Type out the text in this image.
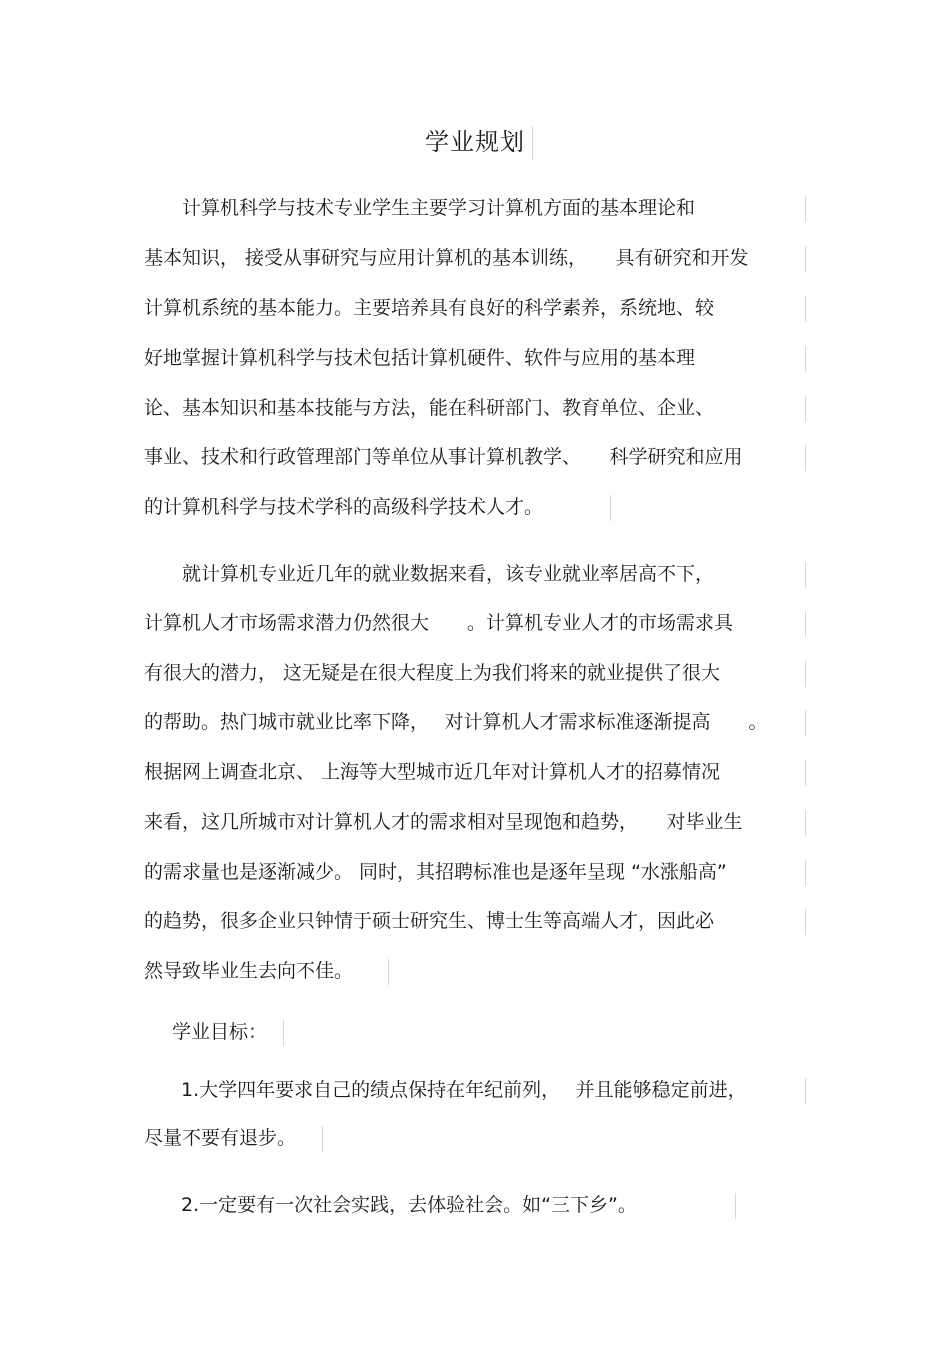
学业规划
　　计算机科学与技术专业学生主要学习计算机方面的基本理论和
基本知识， 接受从事研究与应用计算机的基本训练，　　具有研究和开发
计算机系统的基本能力。主要培养具有良好的科学素养，系统地、较
好地掌握计算机科学与技术包括计算机硬件、软件与应用的基本理
论、基本知识和基本技能与方法，能在科研部门、教育单位、企业、
事业、技术和行政管理部门等单位从事计算机教学、　　科学研究和应用
的计算机科学与技术学科的高级科学技术人才。
　　就计算机专业近几年的就业数据来看，该专业就业率居高不下，
计算机人才市场需求潜力仍然很大　　。计算机专业人才的市场需求具
有很大的潜力， 这无疑是在很大程度上为我们将来的就业提供了很大
的帮助。热门城市就业比率下降，　 对计算机人才需求标准逐渐提高　　。
根据网上调查北京、 上海等大型城市近几年对计算机人才的招募情况
来看，这几所城市对计算机人才的需求相对呈现饱和趋势，　　对毕业生
的需求量也是逐渐减少。 同时，其招聘标准也是逐年呈现 “水涨船高”
的趋势，很多企业只钟情于硕士研究生、博士生等高端人才，因此必
然导致毕业生去向不佳。
学业目标：
1.大学四年要求自己的绩点保持在年纪前列，　 并且能够稳定前进，
尽量不要有退步。
2.一定要有一次社会实践，去体验社会。如“三下乡”。
